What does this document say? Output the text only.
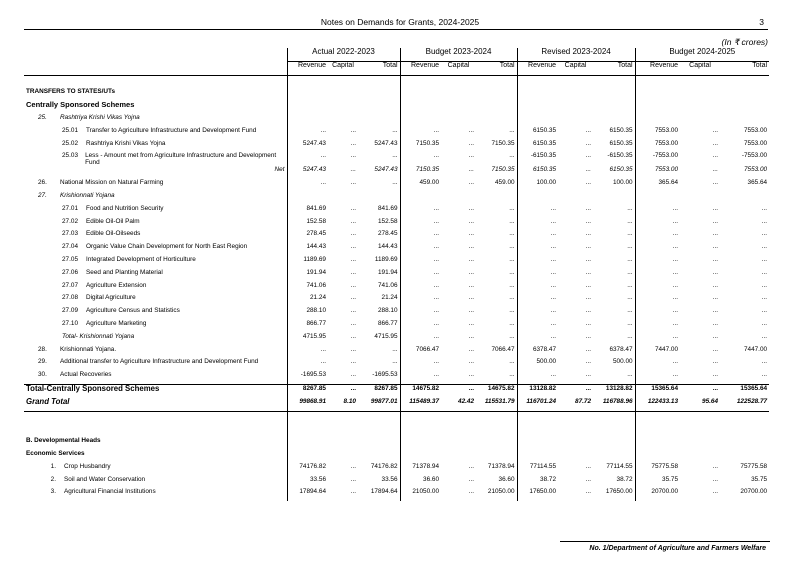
Notes on Demands for Grants, 2024-2025	3
(In ₹ crores)
	Actual 2022-2023			Budget 2023-2024			Revised 2023-2024			Budget 2024-2025		
	Revenue	Capital	Total	Revenue	Capital	Total	Revenue	Capital	Total	Revenue	Capital	Total

TRANSFERS TO STATES/UTs												
Centrally Sponsored Schemes												

25. Rashtriya Krishi Vikas Yojna												

25.01 Transfer to Agriculture Infrastructure and Development Fund	...	...	...	...	...	...	6150.35	...	6150.35	7553.00	...	7553.00

25.02 Rashtriya Krishi Vikas Yojna	5247.43	...	5247.43	7150.35	...	7150.35	6150.35	...	6150.35	7553.00	...	7553.00

25.03 Less - Amount met from Agriculture Infrastructure and Development Fund	...	...	...	...	...	...	-6150.35	...	-6150.35	-7553.00	...	-7553.00
Net	5247.43	...	5247.43	7150.35	...	7150.35	6150.35	...	6150.35	7553.00	...	7553.00

26. National Mission on Natural Farming	...	...	...	459.00	...	459.00	100.00	...	100.00	365.64	...	365.64

27. Krishionnati Yojana												

27.01 Food and Nutrition Security	841.69	...	841.69	...	...	...	...	...	...	...	...	...

27.02 Edible Oil-Oil Palm	152.58	...	152.58	...	...	...	...	...	...	...	...	...

27.03 Edible Oil-Oilseeds	278.45	...	278.45	...	...	...	...	...	...	...	...	...

27.04 Organic Value Chain Development for North East Region	144.43	...	144.43	...	...	...	...	...	...	...	...	...

27.05 Integrated Development of Horticulture	1189.69	...	1189.69	...	...	...	...	...	...	...	...	...

27.06 Seed and Planting Material	191.94	...	191.94	...	...	...	...	...	...	...	...	...

27.07 Agriculture Extension	741.06	...	741.06	...	...	...	...	...	...	...	...	...

27.08 Digital Agriculture	21.24	...	21.24	...	...	...	...	...	...	...	...	...

27.09 Agriculture Census and Statistics	288.10	...	288.10	...	...	...	...	...	...	...	...	...

27.10 Agriculture Marketing	866.77	...	866.77	...	...	...	...	...	...	...	...	...
Total- Krishionnati Yojana	4715.95	...	4715.95	...	...	...	...	...	...	...	...	...

28. Krishionnati Yojana.	...	...	...	7066.47	...	7066.47	6378.47	...	6378.47	7447.00	...	7447.00

29. Additional transfer to Agriculture Infrastructure and Development Fund	...	...	...	...	...	...	500.00	...	500.00	...	...	...

30. Actual Recoveries	-1695.53	...	-1695.53	...	...	...	...	...	...	...	...	...
Total-Centrally Sponsored Schemes	8267.85	...	8267.85	14675.82	...	14675.82	13128.82	...	13128.82	15365.64	...	15365.64
Grand Total	99868.91	8.10	99877.01	115489.37	42.42	115531.79	116701.24	87.72	116788.96	122433.13	95.64	122528.77

B. Developmental Heads												
Economic Services												

1. Crop Husbandry	74176.82	...	74176.82	71378.94	...	71378.94	77114.55	...	77114.55	75775.58	...	75775.58

2. Soil and Water Conservation	33.56	...	33.56	36.60	...	36.60	38.72	...	38.72	35.75	...	35.75

3. Agricultural Financial Institutions	17894.64	...	17894.64	21050.00	...	21050.00	17650.00	...	17650.00	20700.00	...	20700.00
No. 1/Department of Agriculture and Farmers Welfare
